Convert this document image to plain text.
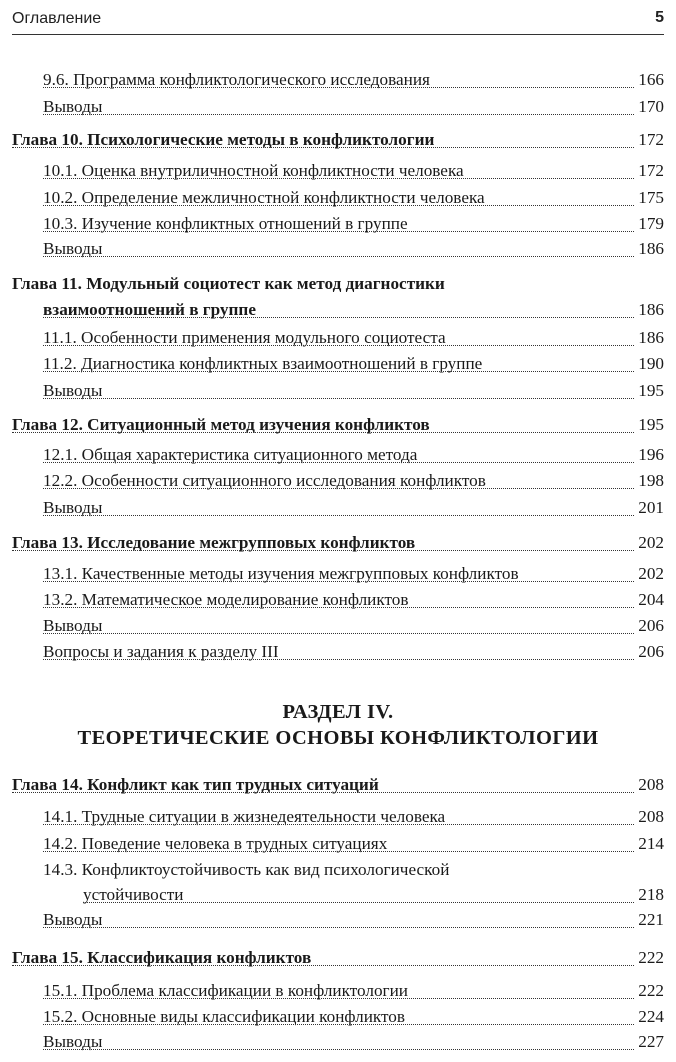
Оглавление	5
9.6. Программа конфликтологического исследования	166
Выводы	170
Глава 10. Психологические методы в конфликтологии	172
10.1. Оценка внутриличностной конфликтности человека	172
10.2. Определение межличностной конфликтности человека	175
10.3. Изучение конфликтных отношений в группе	179
Выводы	186
Глава 11. Модульный социотест как метод диагностики
взаимоотношений в группе	186
11.1. Особенности применения модульного социотеста	186
11.2. Диагностика конфликтных взаимоотношений в группе	190
Выводы	195
Глава 12. Ситуационный метод изучения конфликтов	195
12.1. Общая характеристика ситуационного метода	196
12.2. Особенности ситуационного исследования конфликтов	198
Выводы	201
Глава 13. Исследование межгрупповых конфликтов	202
13.1. Качественные методы изучения межгрупповых конфликтов	202
13.2. Математическое моделирование конфликтов	204
Выводы	206
Вопросы и задания к разделу III	206
РАЗДЕЛ IV.
ТЕОРЕТИЧЕСКИЕ ОСНОВЫ КОНФЛИКТОЛОГИИ
Глава 14. Конфликт как тип трудных ситуаций	208
14.1. Трудные ситуации в жизнедеятельности человека	208
14.2. Поведение человека в трудных ситуациях	214
14.3. Конфликтоустойчивость как вид психологической
устойчивости	218
Выводы	221
Глава 15. Классификация конфликтов	222
15.1. Проблема классификации в конфликтологии	222
15.2. Основные виды классификации конфликтов	224
Выводы	227
